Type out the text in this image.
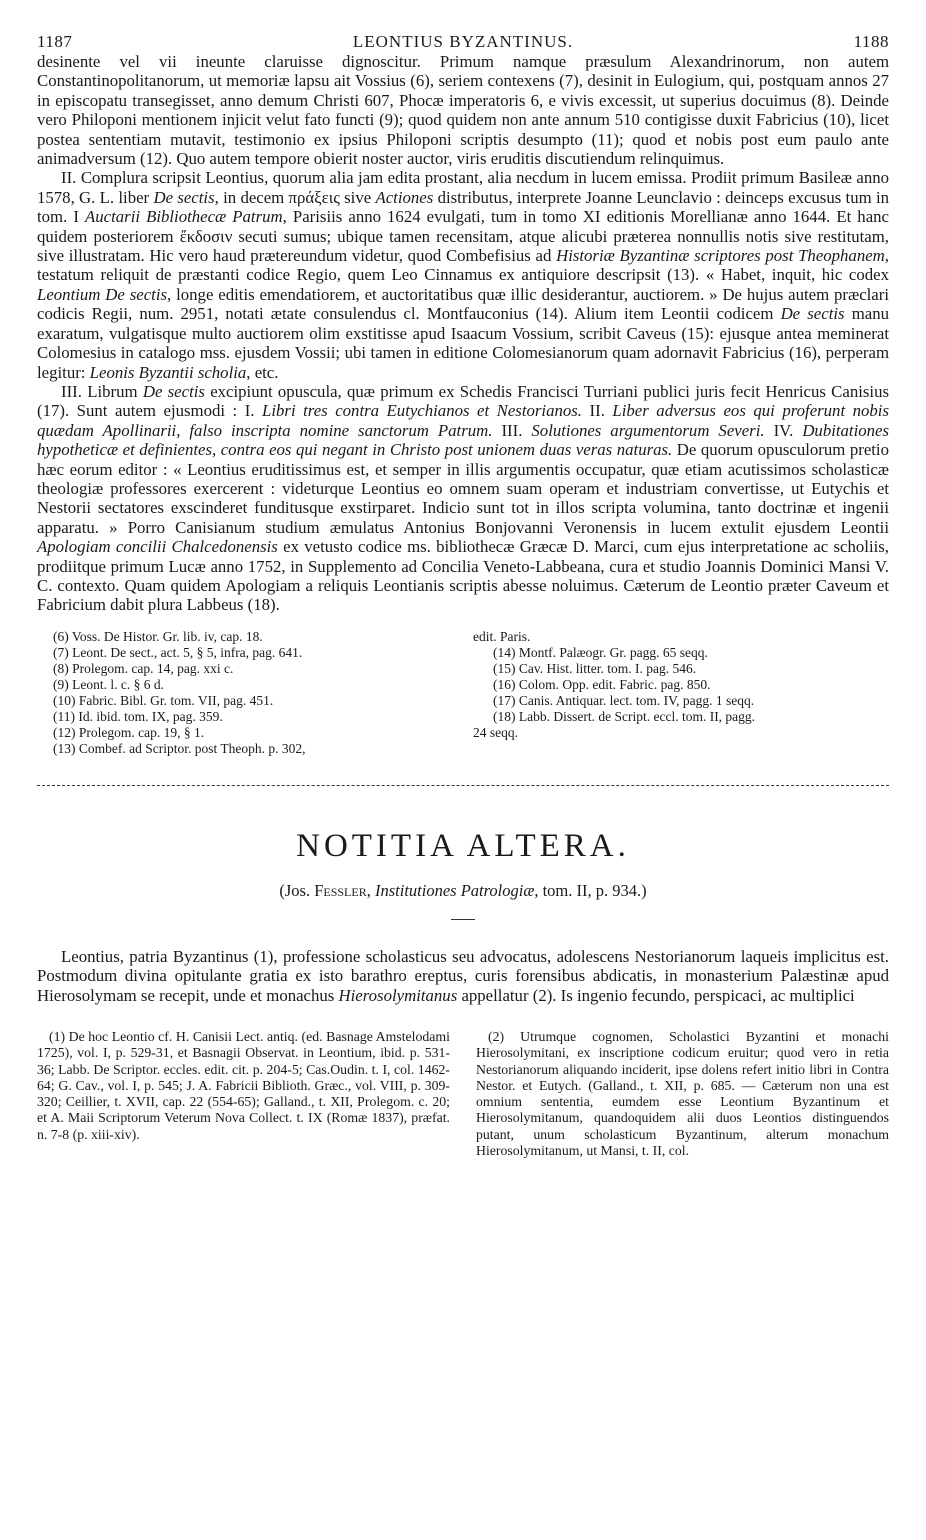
1187	LEONTIUS BYZANTINUS.	1188

desinente vel vii ineunte claruisse dignoscitur. Primum namque præsulum Alexandrinorum, non autem Constantinopolitanorum, ut memoriæ lapsu ait Vossius (6), seriem contexens (7), desinit in Eulogium, qui, postquam annos 27 in episcopatu transegisset, anno demum Christi 607, Phocæ imperatoris 6, e vivis excessit, ut superius docuimus (8). Deinde vero Philoponi mentionem injicit velut fato functi (9); quod quidem non ante annum 510 contigisse duxit Fabricius (10), licet postea sententiam mutavit, testimonio ex ipsius Philoponi scriptis desumpto (11); quod et nobis post eum paulo ante animadversum (12). Quo autem tempore obierit noster auctor, viris eruditis discutiendum relinquimus.

II. Complura scripsit Leontius, quorum alia jam edita prostant, alia necdum in lucem emissa. Prodiit primum Basileæ anno 1578, G. L. liber De sectis, in decem πράξεις sive Actiones distributus, interprete Joanne Leunclavio : deinceps excusus tum in tom. I Auctarii Bibliothecæ Patrum, Parisiis anno 1624 evulgati, tum in tomo XI editionis Morellianæ anno 1644. Et hanc quidem posteriorem ἔκδοσιν secuti sumus; ubique tamen recensitam, atque alicubi præterea nonnullis notis sive restitutam, sive illustratam. Hic vero haud prætereundum videtur, quod Combefisius ad Historiæ Byzantinæ scriptores post Theophanem, testatum reliquit de præstanti codice Regio, quem Leo Cinnamus ex antiquiore descripsit (13). « Habet, inquit, hic codex Leontium De sectis, longe editis emendatiorem, et auctoritatibus quæ illic desiderantur, auctiorem. » De hujus autem præclari codicis Regii, num. 2951, notati ætate consulendus cl. Montfauconius (14). Alium item Leontii codicem De sectis manu exaratum, vulgatisque multo auctiorem olim exstitisse apud Isaacum Vossium, scribit Caveus (15): ejusque antea meminerat Colomesius in catalogo mss. ejusdem Vossii; ubi tamen in editione Colomesianorum quam adornavit Fabricius (16), perperam legitur: Leonis Byzantii scholia, etc.

III. Librum De sectis excipiunt opuscula, quæ primum ex Schedis Francisci Turriani publici juris fecit Henricus Canisius (17). Sunt autem ejusmodi : I. Libri tres contra Eutychianos et Nestorianos. II. Liber adversus eos qui proferunt nobis quædam Apollinarii, falso inscripta nomine sanctorum Patrum. III. Solutiones argumentorum Severi. IV. Dubitationes hypotheticæ et definientes, contra eos qui negant in Christo post unionem duas veras naturas. De quorum opusculorum pretio hæc eorum editor : « Leontius eruditissimus est, et semper in illis argumentis occupatur, quæ etiam acutissimos scholasticæ theologiæ professores exercerent : videturque Leontius eo omnem suam operam et industriam convertisse, ut Eutychis et Nestorii sectatores exscinderet funditusque exstirparet. Indicio sunt tot in illos scripta volumina, tanto doctrinæ et ingenii apparatu. » Porro Canisianum studium æmulatus Antonius Bonjovanni Veronensis in lucem extulit ejusdem Leontii Apologiam concilii Chalcedonensis ex vetusto codice ms. bibliothecæ Græcæ D. Marci, cum ejus interpretatione ac scholiis, prodiitque primum Lucæ anno 1752, in Supplemento ad Concilia Veneto-Labbeana, cura et studio Joannis Dominici Mansi V. C. contexto. Quam quidem Apologiam a reliquis Leontianis scriptis abesse noluimus. Cæterum de Leontio præter Caveum et Fabricium dabit plura Labbeus (18).

(6) Voss. De Histor. Gr. lib. iv, cap. 18.
(7) Leont. De sect., act. 5, § 5, infra, pag. 641.
(8) Prolegom. cap. 14, pag. xxi c.
(9) Leont. l. c. § 6 d.
(10) Fabric. Bibl. Gr. tom. VII, pag. 451.
(11) Id. ibid. tom. IX, pag. 359.
(12) Prolegom. cap. 19, § 1.
(13) Combef. ad Scriptor. post Theoph. p. 302,
edit. Paris.
(14) Montf. Palæogr. Gr. pagg. 65 seqq.
(15) Cav. Hist. litter. tom. I. pag. 546.
(16) Colom. Opp. edit. Fabric. pag. 850.
(17) Canis. Antiquar. lect. tom. IV, pagg. 1 seqq.
(18) Labb. Dissert. de Script. eccl. tom. II, pagg.
24 seqq.
NOTITIA ALTERA.
(Jos. Fessler, Institutiones Patrologiæ, tom. II, p. 934.)

Leontius, patria Byzantinus (1), professione scholasticus seu advocatus, adolescens Nestorianorum laqueis implicitus est. Postmodum divina opitulante gratia ex isto barathro ereptus, curis forensibus abdicatis, in monasterium Palæstinæ apud Hierosolymam se recepit, unde et monachus Hierosolymitanus appellatur (2). Is ingenio fecundo, perspicaci, ac multiplici

(1) De hoc Leontio cf. H. Canisii Lect. antiq. (ed. Basnage Amstelodami 1725), vol. I, p. 529-31, et Basnagii Observat. in Leontium, ibid. p. 531-36; Labb. De Scriptor. eccles. edit. cit. p. 204-5; Cas.Oudin. t. I, col. 1462-64; G. Cav., vol. I, p. 545; J. A. Fabricii Biblioth. Græc., vol. VIII, p. 309-320; Ceillier, t. XVII, cap. 22 (554-65); Galland., t. XII, Prolegom. c. 20; et A. Maii Scriptorum Veterum Nova Collect. t. IX (Romæ 1837), præfat. n. 7-8 (p. xiii-xiv).

(2) Utrumque cognomen, Scholastici Byzantini et monachi Hierosolymitani, ex inscriptione codicum eruitur; quod vero in retia Nestorianorum aliquando inciderit, ipse dolens refert initio libri in Contra Nestor. et Eutych. (Galland., t. XII, p. 685. — Cæterum non una est omnium sententia, eumdem esse Leontium Byzantinum et Hierosolymitanum, quandoquidem alii duos Leontios distinguendos putant, unum scholasticum Byzantinum, alterum monachum Hierosolymitanum, ut Mansi, t. II, col.
